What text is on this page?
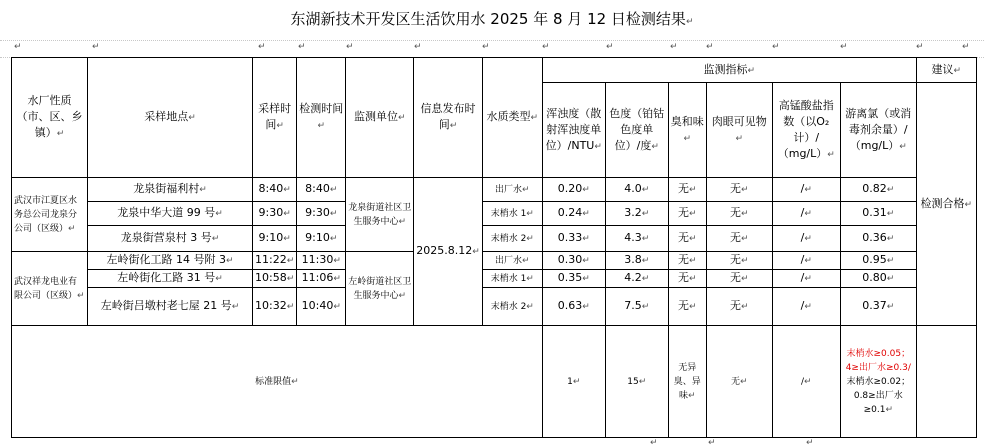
东湖新技术开发区生活饮用水 2025 年 8 月 12 日检测结果↵
↵	↵	↵	↵	↵	↵	↵	↵	↵	↵	↵	↵	↵	↵	↵
水厂性质（市、区、乡镇）↵	采样地点↵	采样时间↵	检测时间↵	监测单位↵	信息发布时间↵	水质类型↵	监测指标↵						建议↵
							浑浊度（散射浑浊度单位）/NTU↵	色度（铂钴色度单位）/度↵	臭和味↵	肉眼可见物↵	高锰酸盐指数（以O₂计）/（mg/L）↵	游离氯（或消毒剂余量）/（mg/L）↵	检测合格↵
武汉市江夏区水务总公司龙泉分公司（区级）↵	龙泉街福利村↵	8:40↵	8:40↵	龙泉街道社区卫生服务中心↵	2025.8.12↵	出厂水↵	0.20↵	4.0↵	无↵	无↵	/↵	0.82↵	
	龙泉中华大道 99 号↵	9:30↵	9:30↵			末梢水 1↵	0.24↵	3.2↵	无↵	无↵	/↵	0.31↵	
	龙泉街营泉村 3 号↵	9:10↵	9:10↵			末梢水 2↵	0.33↵	4.3↵	无↵	无↵	/↵	0.36↵	
武汉祥龙电业有限公司（区级）↵	左岭街化工路 14 号附 3↵	11:22↵	11:30↵	左岭街道社区卫生服务中心↵		出厂水↵	0.30↵	3.8↵	无↵	无↵	/↵	0.95↵	
	左岭街化工路 31 号↵	10:58↵	11:06↵			末梢水 1↵	0.35↵	4.2↵	无↵	无↵	/↵	0.80↵	
	左岭街吕墩村老七屋 21 号↵	10:32↵	10:40↵			末梢水 2↵	0.63↵	7.5↵	无↵	无↵	/↵	0.37↵	
标准限值↵							1↵	15↵	无异臭、异味↵	无↵	/↵	末梢水≥0.05；4≥出厂水≥0.3/
末梢水≥0.02；0.8≥出厂水≥0.1↵	

↵	↵	↵
